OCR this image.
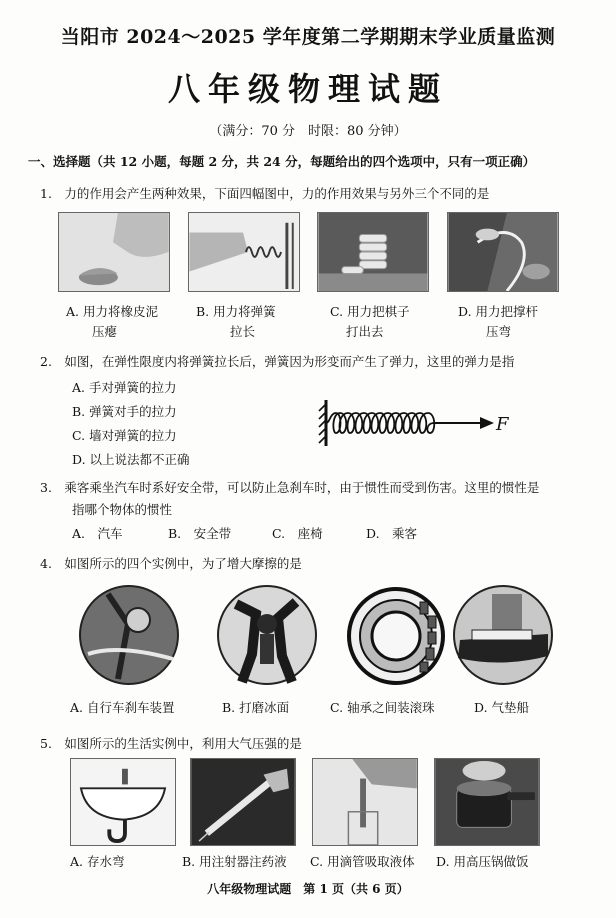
当阳市 2024～2025 学年度第二学期期末学业质量监测
八年级物理试题
（满分：70 分　时限：80 分钟）
一、选择题（共 12 小题，每题 2 分，共 24 分，每题给出的四个选项中，只有一项正确）
1.　力的作用会产生两种效果，下面四幅图中，力的作用效果与另外三个不同的是
A. 用力将橡皮泥
压瘪
B. 用力将弹簧
拉长
C. 用力把棋子
打出去
D. 用力把撑杆
压弯
2.　如图，在弹性限度内将弹簧拉长后，弹簧因为形变而产生了弹力，这里的弹力是指
A. 手对弹簧的拉力
B. 弹簧对手的拉力
C. 墙对弹簧的拉力
D. 以上说法都不正确
F
3.　乘客乘坐汽车时系好安全带，可以防止急刹车时，由于惯性而受到伤害。这里的惯性是
指哪个物体的惯性
A.　汽车	B.　安全带	C.　座椅	D.　乘客
4.　如图所示的四个实例中，为了增大摩擦的是
A. 自行车刹车装置	B. 打磨冰面	C. 轴承之间装滚珠	D. 气垫船
5.　如图所示的生活实例中，利用大气压强的是
A. 存水弯	B. 用注射器注药液 C. 用滴管吸取液体 D. 用高压锅做饭
八年级物理试题　第 1 页（共 6 页）
